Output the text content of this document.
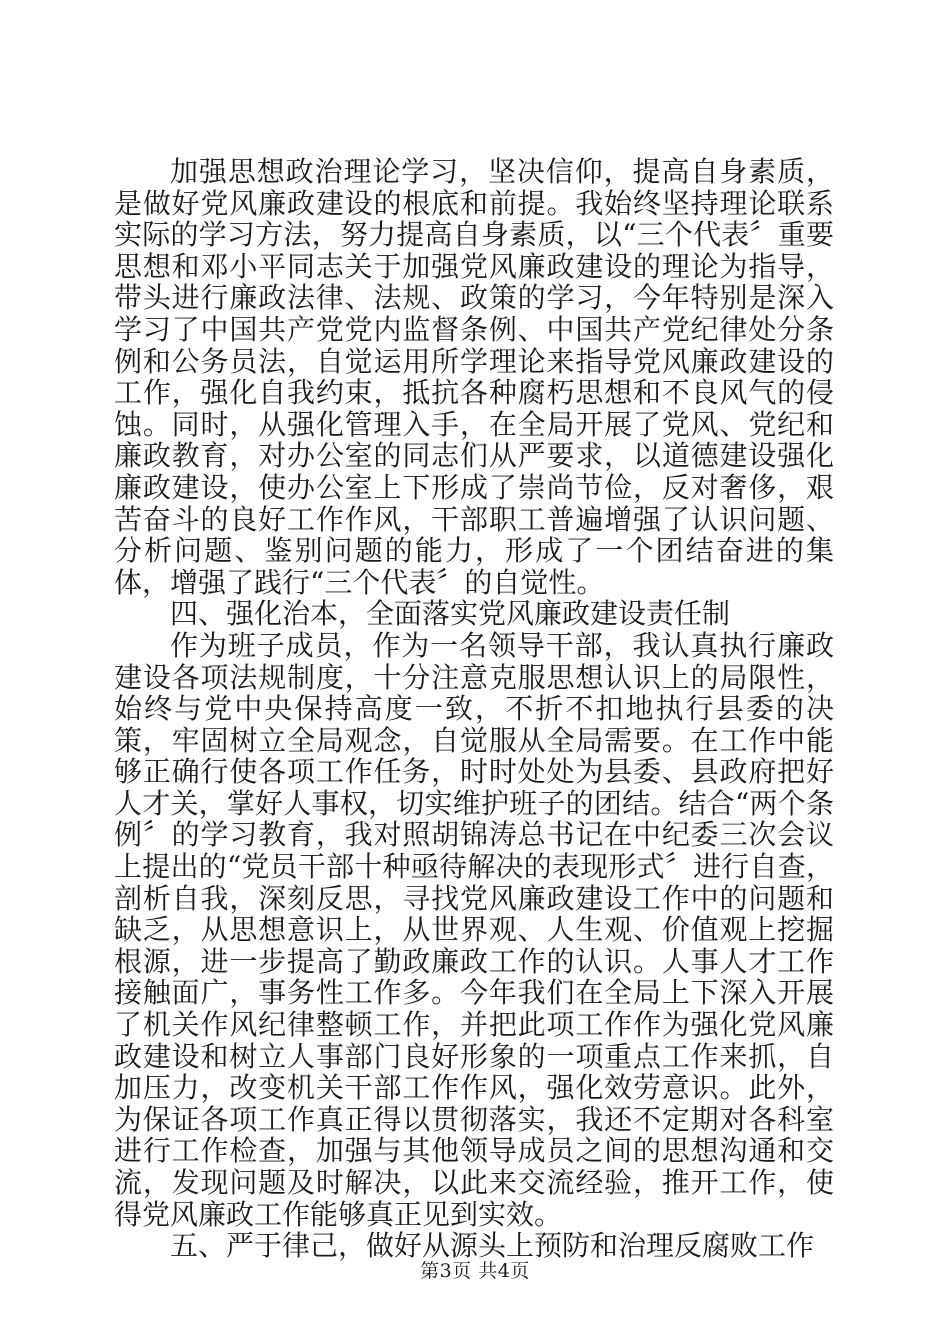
加强思想政治理论学习，坚决信仰，提高自身素质，是做好党风廉政建设的根底和前提。我始终坚持理论联系实际的学习方法，努力提高自身素质，以“三个代表〞重要思想和邓小平同志关于加强党风廉政建设的理论为指导，带头进行廉政法律、法规、政策的学习，今年特别是深入学习了中国共产党党内监督条例、中国共产党纪律处分条例和公务员法，自觉运用所学理论来指导党风廉政建设的工作，强化自我约束，抵抗各种腐朽思想和不良风气的侵蚀。同时，从强化管理入手，在全局开展了党风、党纪和廉政教育，对办公室的同志们从严要求，以道德建设强化廉政建设，使办公室上下形成了崇尚节俭，反对奢侈，艰苦奋斗的良好工作作风，干部职工普遍增强了认识问题、分析问题、鉴别问题的能力，形成了一个团结奋进的集体，增强了践行“三个代表〞的自觉性。

四、强化治本，全面落实党风廉政建设责任制

作为班子成员，作为一名领导干部，我认真执行廉政建设各项法规制度，十分注意克服思想认识上的局限性，始终与党中央保持高度一致，不折不扣地执行县委的决策，牢固树立全局观念，自觉服从全局需要。在工作中能够正确行使各项工作任务，时时处处为县委、县政府把好人才关，掌好人事权，切实维护班子的团结。结合“两个条例〞的学习教育，我对照胡锦涛总书记在中纪委三次会议上提出的“党员干部十种亟待解决的表现形式〞进行自查，剖析自我，深刻反思，寻找党风廉政建设工作中的问题和缺乏，从思想意识上，从世界观、人生观、价值观上挖掘根源，进一步提高了勤政廉政工作的认识。人事人才工作接触面广，事务性工作多。今年我们在全局上下深入开展了机关作风纪律整顿工作，并把此项工作作为强化党风廉政建设和树立人事部门良好形象的一项重点工作来抓，自加压力，改变机关干部工作作风，强化效劳意识。此外，为保证各项工作真正得以贯彻落实，我还不定期对各科室进行工作检查，加强与其他领导成员之间的思想沟通和交流，发现问题及时解决，以此来交流经验，推开工作，使得党风廉政工作能够真正见到实效。

五、严于律己，做好从源头上预防和治理反腐败工作

第3页 共4页
